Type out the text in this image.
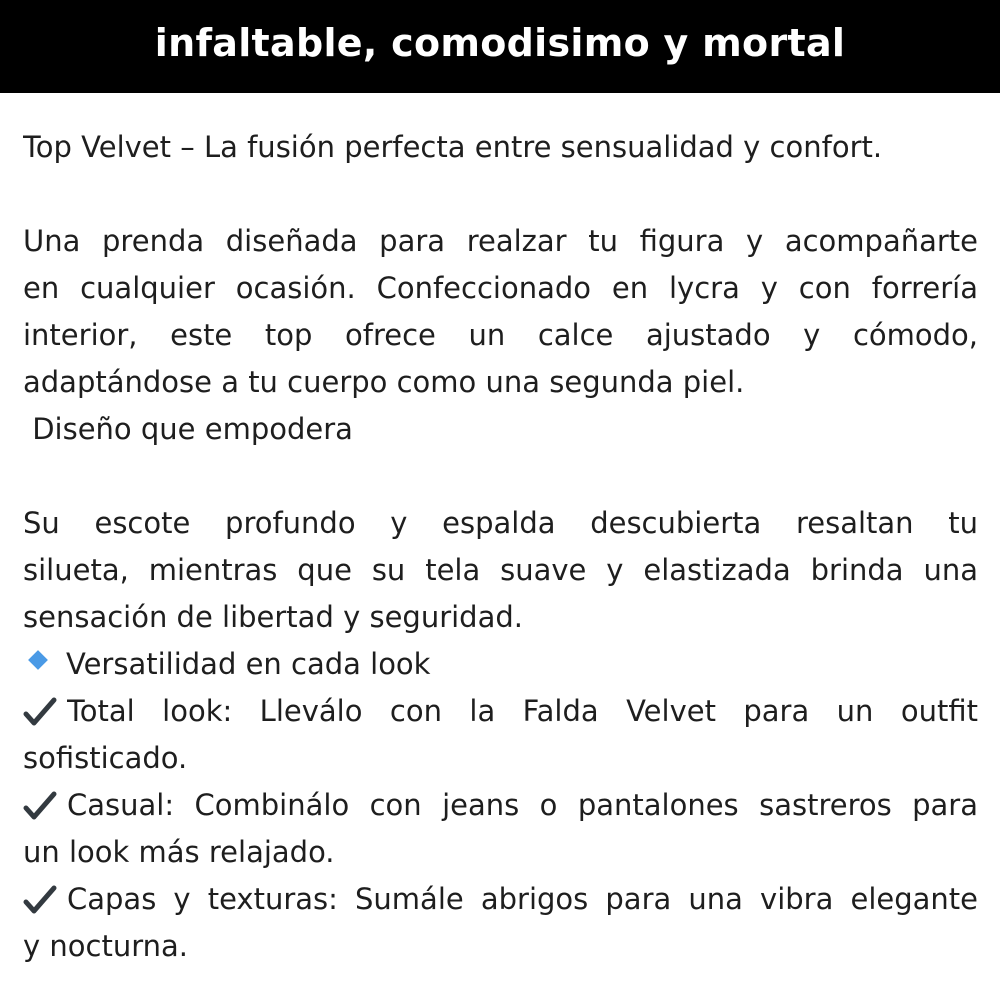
infaltable, comodisimo y mortal
Top Velvet – La fusión perfecta entre sensualidad y confort.
Una prenda diseñada para realzar tu figura y acompañarte
en cualquier ocasión. Confeccionado en lycra y con forrería
interior, este top ofrece un calce ajustado y cómodo,
adaptándose a tu cuerpo como una segunda piel.
Diseño que empodera
Su escote profundo y espalda descubierta resaltan tu
silueta, mientras que su tela suave y elastizada brinda una
sensación de libertad y seguridad.
Versatilidad en cada look
Total look: Lleválo con la Falda Velvet para un outfit
sofisticado.
Casual: Combinálo con jeans o pantalones sastreros para
un look más relajado.
Capas y texturas: Sumále abrigos para una vibra elegante
y nocturna.
